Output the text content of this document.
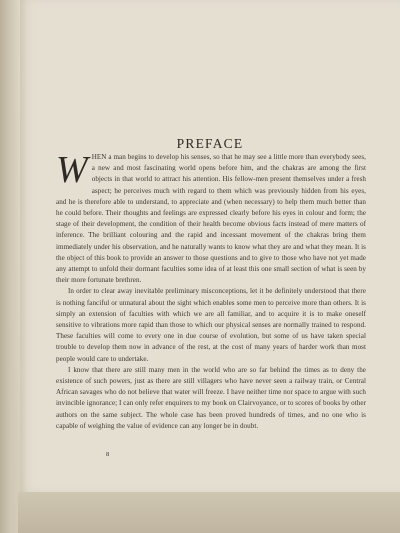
PREFACE

WHEN a man begins to develop his senses, so that he may see a little more than everybody sees, a new and most fascinating world opens before him, and the chakras are among the first objects in that world to attract his attention. His fellow-men present themselves under a fresh aspect; he perceives much with regard to them which was previously hidden from his eyes, and he is therefore able to understand, to appreciate and (when necessary) to help them much better than he could before. Their thoughts and feelings are expressed clearly before his eyes in colour and form; the stage of their development, the condition of their health become obvious facts instead of mere matters of inference. The brilliant colouring and the rapid and incessant movement of the chakras bring them immediately under his observation, and he naturally wants to know what they are and what they mean. It is the object of this book to provide an answer to those questions and to give to those who have not yet made any attempt to unfold their dormant faculties some idea of at least this one small section of what is seen by their more fortunate brethren.

In order to clear away inevitable preliminary misconceptions, let it be definitely understood that there is nothing fanciful or unnatural about the sight which enables some men to perceive more than others. It is simply an extension of faculties with which we are all familiar, and to acquire it is to make oneself sensitive to vibrations more rapid than those to which our physical senses are normally trained to respond. These faculties will come to every one in due course of evolution, but some of us have taken special trouble to develop them now in advance of the rest, at the cost of many years of harder work than most people would care to undertake.

I know that there are still many men in the world who are so far behind the times as to deny the existence of such powers, just as there are still villagers who have never seen a railway train, or Central African savages who do not believe that water will freeze. I have neither time nor space to argue with such invincible ignorance; I can only refer enquirers to my book on Clairvoyance, or to scores of books by other authors on the same subject. The whole case has been proved hundreds of times, and no one who is capable of weighing the value of evidence can any longer be in doubt.

8
